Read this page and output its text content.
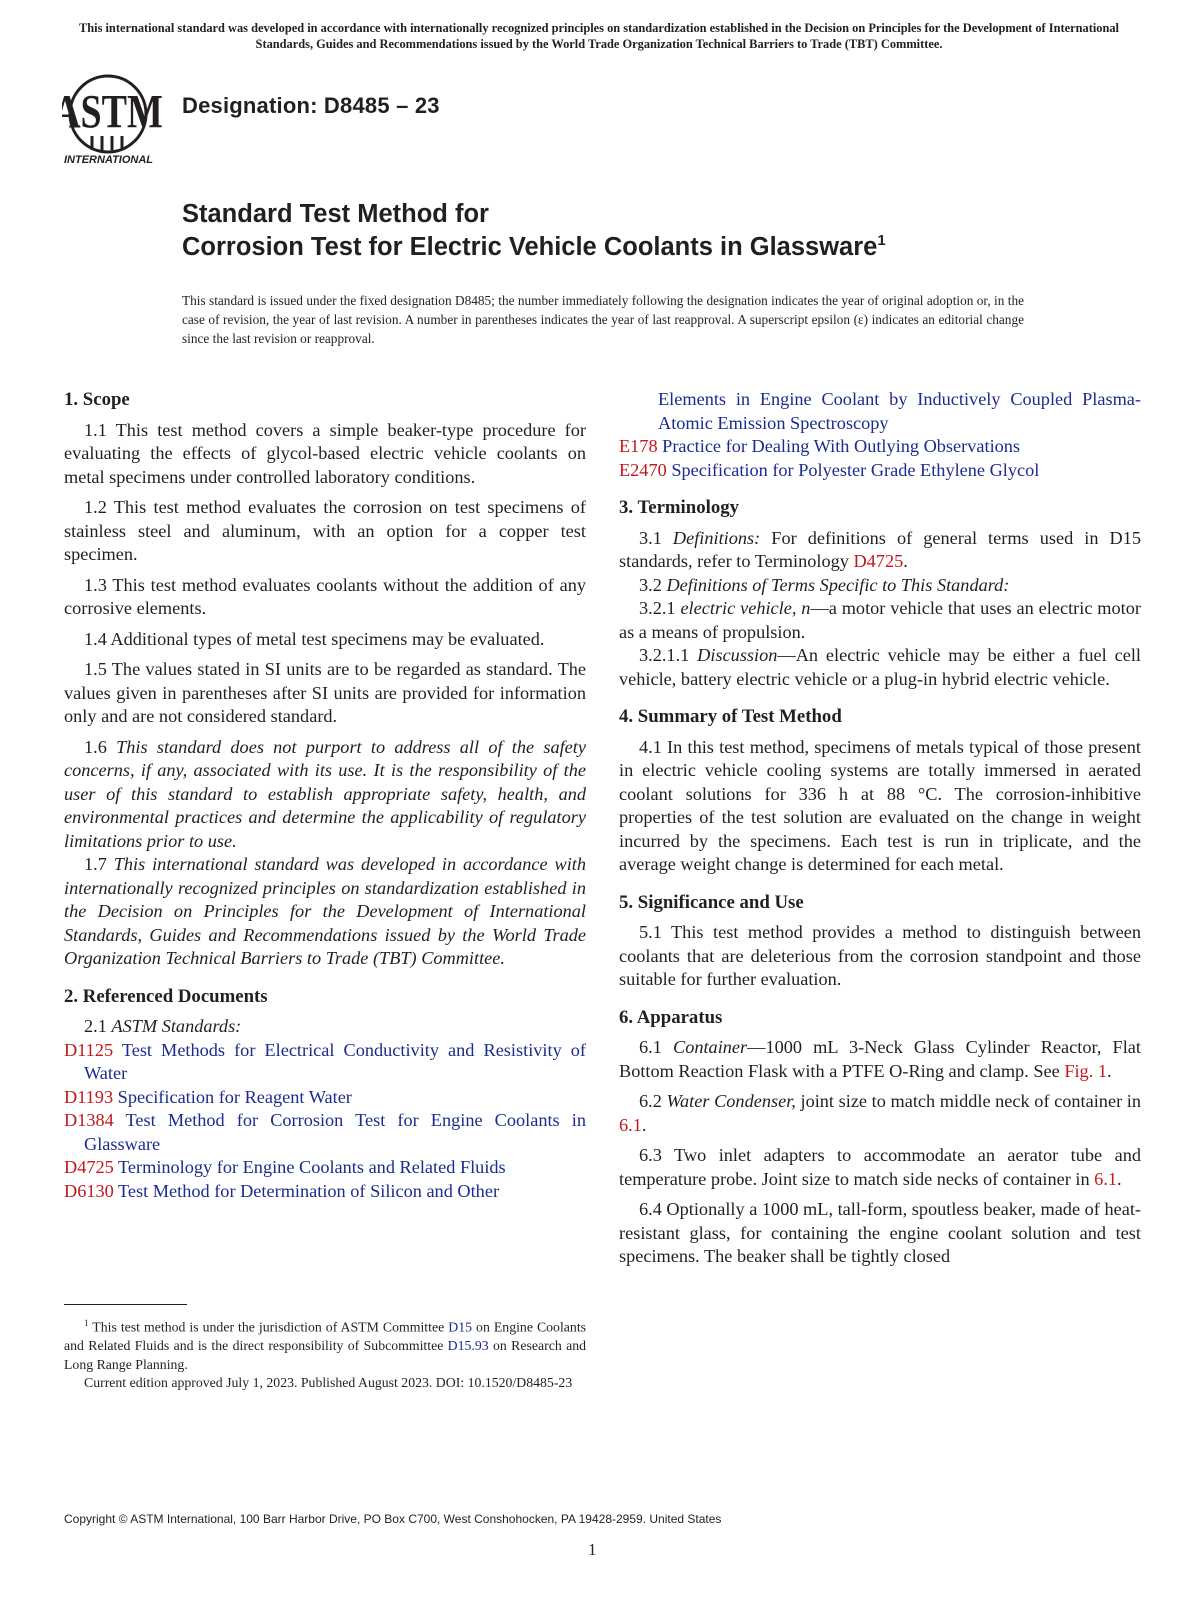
This international standard was developed in accordance with internationally recognized principles on standardization established in the Decision on Principles for the Development of International Standards, Guides and Recommendations issued by the World Trade Organization Technical Barriers to Trade (TBT) Committee.
ASTM
INTERNATIONAL
Designation: D8485 – 23
Standard Test Method for
Corrosion Test for Electric Vehicle Coolants in Glassware$^1$
This standard is issued under the fixed designation D8485; the number immediately following the designation indicates the year of original adoption or, in the case of revision, the year of last revision. A number in parentheses indicates the year of last reapproval. A superscript epsilon (ε) indicates an editorial change since the last revision or reapproval.
1. Scope

1.1 This test method covers a simple beaker-type procedure for evaluating the effects of glycol-based electric vehicle coolants on metal specimens under controlled laboratory conditions.

1.2 This test method evaluates the corrosion on test specimens of stainless steel and aluminum, with an option for a copper test specimen.

1.3 This test method evaluates coolants without the addition of any corrosive elements.

1.4 Additional types of metal test specimens may be evaluated.

1.5 The values stated in SI units are to be regarded as standard. The values given in parentheses after SI units are provided for information only and are not considered standard.

1.6 This standard does not purport to address all of the safety concerns, if any, associated with its use. It is the responsibility of the user of this standard to establish appropriate safety, health, and environmental practices and determine the applicability of regulatory limitations prior to use.

1.7 This international standard was developed in accordance with internationally recognized principles on standardization established in the Decision on Principles for the Development of International Standards, Guides and Recommendations issued by the World Trade Organization Technical Barriers to Trade (TBT) Committee.

2. Referenced Documents

2.1 ASTM Standards:

D1125 Test Methods for Electrical Conductivity and Resistivity of Water

D1193 Specification for Reagent Water

D1384 Test Method for Corrosion Test for Engine Coolants in Glassware

D4725 Terminology for Engine Coolants and Related Fluids

D6130 Test Method for Determination of Silicon and Other

$^1$ This test method is under the jurisdiction of ASTM Committee D15 on Engine Coolants and Related Fluids and is the direct responsibility of Subcommittee D15.93 on Research and Long Range Planning.

Current edition approved July 1, 2023. Published August 2023. DOI: 10.1520/D8485-23

Elements in Engine Coolant by Inductively Coupled Plasma-Atomic Emission Spectroscopy

E178 Practice for Dealing With Outlying Observations

E2470 Specification for Polyester Grade Ethylene Glycol

3. Terminology

3.1 Definitions: For definitions of general terms used in D15 standards, refer to Terminology D4725.

3.2 Definitions of Terms Specific to This Standard:

3.2.1 electric vehicle, n—a motor vehicle that uses an electric motor as a means of propulsion.

3.2.1.1 Discussion—An electric vehicle may be either a fuel cell vehicle, battery electric vehicle or a plug-in hybrid electric vehicle.

4. Summary of Test Method

4.1 In this test method, specimens of metals typical of those present in electric vehicle cooling systems are totally immersed in aerated coolant solutions for 336 h at 88 °C. The corrosion-inhibitive properties of the test solution are evaluated on the change in weight incurred by the specimens. Each test is run in triplicate, and the average weight change is determined for each metal.

5. Significance and Use

5.1 This test method provides a method to distinguish between coolants that are deleterious from the corrosion standpoint and those suitable for further evaluation.

6. Apparatus

6.1 Container—1000 mL 3-Neck Glass Cylinder Reactor, Flat Bottom Reaction Flask with a PTFE O-Ring and clamp. See Fig. 1.

6.2 Water Condenser, joint size to match middle neck of container in 6.1.

6.3 Two inlet adapters to accommodate an aerator tube and temperature probe. Joint size to match side necks of container in 6.1.

6.4 Optionally a 1000 mL, tall-form, spoutless beaker, made of heat-resistant glass, for containing the engine coolant solution and test specimens. The beaker shall be tightly closed

Copyright © ASTM International, 100 Barr Harbor Drive, PO Box C700, West Conshohocken, PA 19428-2959. United States
1
